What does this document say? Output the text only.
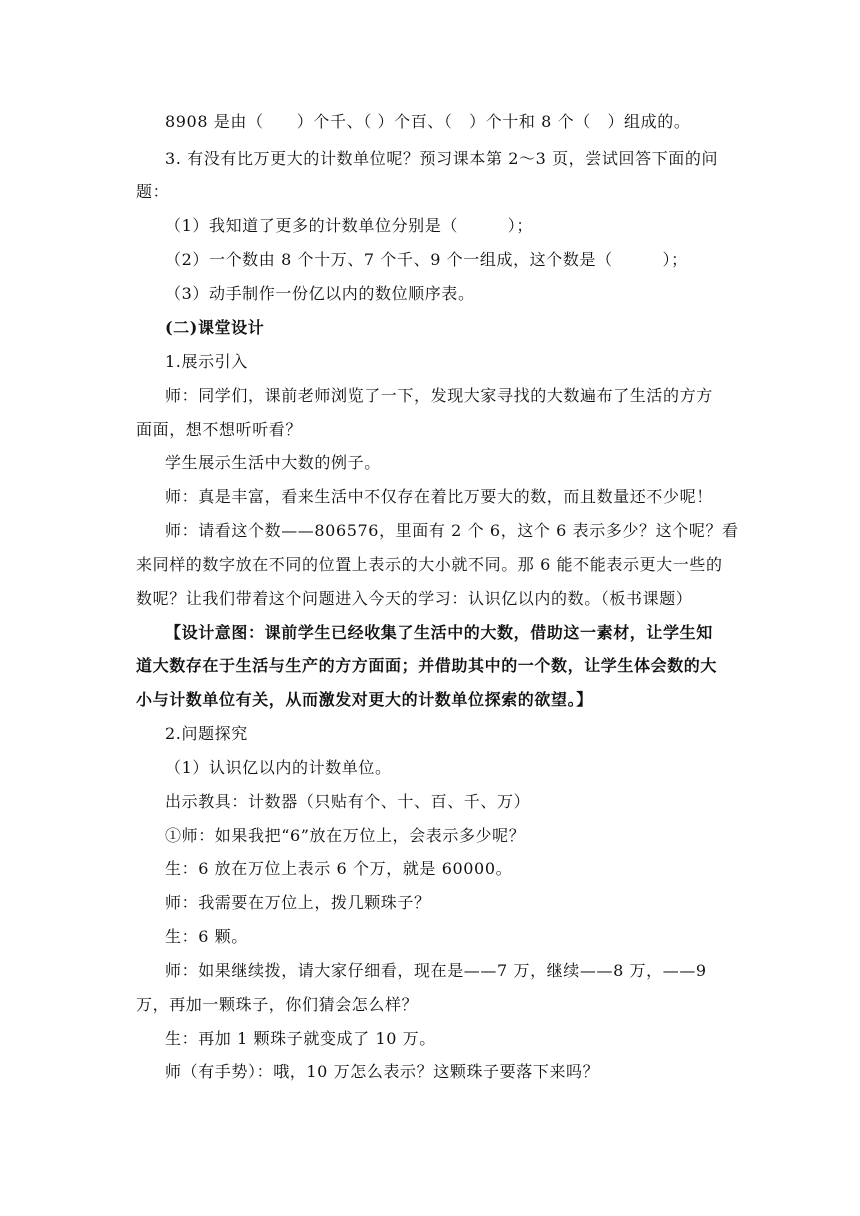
8908 是由（　　）个千、（ ）个百、（　）个十和 8 个（　）组成的。
3. 有没有比万更大的计数单位呢？预习课本第 2～3 页，尝试回答下面的问
题：
（1）我知道了更多的计数单位分别是（　　　）；
（2）一个数由 8 个十万、7 个千、9 个一组成，这个数是（　　　）；
（3）动手制作一份亿以内的数位顺序表。
(二)课堂设计
1.展示引入
师：同学们，课前老师浏览了一下，发现大家寻找的大数遍布了生活的方方
面面，想不想听听看？
学生展示生活中大数的例子。
师：真是丰富，看来生活中不仅存在着比万要大的数，而且数量还不少呢！
师：请看这个数——806576，里面有 2 个 6，这个 6 表示多少？这个呢？看
来同样的数字放在不同的位置上表示的大小就不同。那 6 能不能表示更大一些的
数呢？让我们带着这个问题进入今天的学习：认识亿以内的数。（板书课题）
【设计意图：课前学生已经收集了生活中的大数，借助这一素材，让学生知
道大数存在于生活与生产的方方面面；并借助其中的一个数，让学生体会数的大
小与计数单位有关，从而激发对更大的计数单位探索的欲望。】
2.问题探究
（1）认识亿以内的计数单位。
出示教具：计数器（只贴有个、十、百、千、万）
①师：如果我把“6”放在万位上，会表示多少呢？
生：6 放在万位上表示 6 个万，就是 60000。
师：我需要在万位上，拨几颗珠子？
生：6 颗。
师：如果继续拨，请大家仔细看，现在是——7 万，继续——8 万，——9
万，再加一颗珠子，你们猜会怎么样？
生：再加 1 颗珠子就变成了 10 万。
师（有手势）：哦，10 万怎么表示？这颗珠子要落下来吗？
